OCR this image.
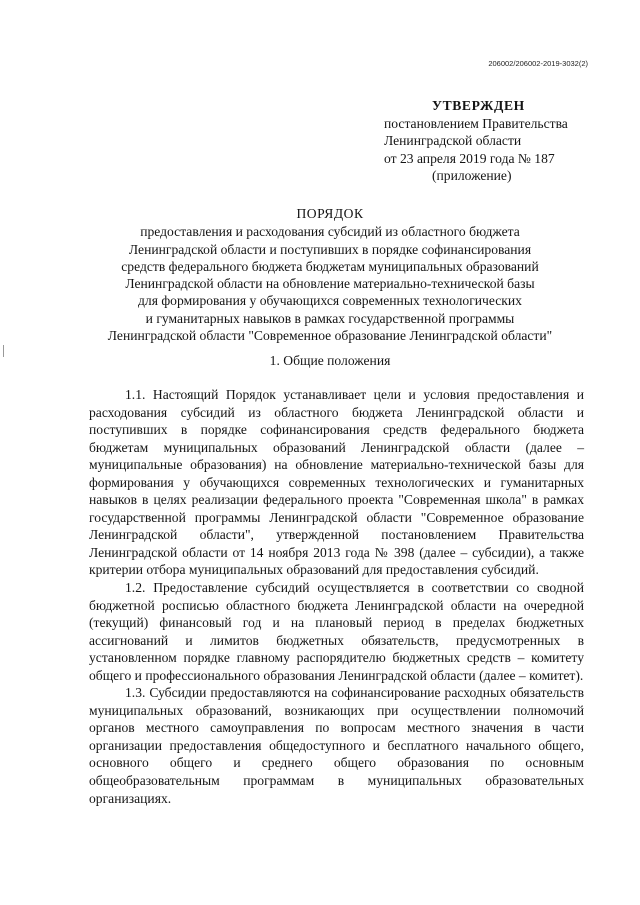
206002/206002-2019-3032(2)
УТВЕРЖДЕН
постановлением Правительства
Ленинградской области
от 23 апреля 2019 года № 187
(приложение)
ПОРЯДОК
предоставления и расходования субсидий из областного бюджета
Ленинградской области и поступивших в порядке софинансирования
средств федерального бюджета бюджетам муниципальных образований
Ленинградской области на обновление материально-технической базы
для формирования у обучающихся современных технологических
и гуманитарных навыков в рамках государственной программы
Ленинградской области "Современное образование Ленинградской области"
1. Общие положения

1.1. Настоящий Порядок устанавливает цели и условия предоставления и расходования субсидий из областного бюджета Ленинградской области и поступивших в порядке софинансирования средств федерального бюджета бюджетам муниципальных образований Ленинградской области (далее – муниципальные образования) на обновление материально-технической базы для формирования у обучающихся современных технологических и гуманитарных навыков в целях реализации федерального проекта "Современная школа" в рамках государственной программы Ленинградской области "Современное образование Ленинградской области", утвержденной постановлением Правительства Ленинградской области от 14 ноября 2013 года № 398 (далее – субсидии), а также критерии отбора муниципальных образований для предоставления субсидий.

1.2. Предоставление субсидий осуществляется в соответствии со сводной бюджетной росписью областного бюджета Ленинградской области на очередной (текущий) финансовый год и на плановый период в пределах бюджетных ассигнований и лимитов бюджетных обязательств, предусмотренных в установленном порядке главному распорядителю бюджетных средств – комитету общего и профессионального образования Ленинградской области (далее – комитет).

1.3. Субсидии предоставляются на софинансирование расходных обязательств муниципальных образований, возникающих при осуществлении полномочий органов местного самоуправления по вопросам местного значения в части организации предоставления общедоступного и бесплатного начального общего, основного общего и среднего общего образования по основным общеобразовательным программам в муниципальных образовательных организациях.
